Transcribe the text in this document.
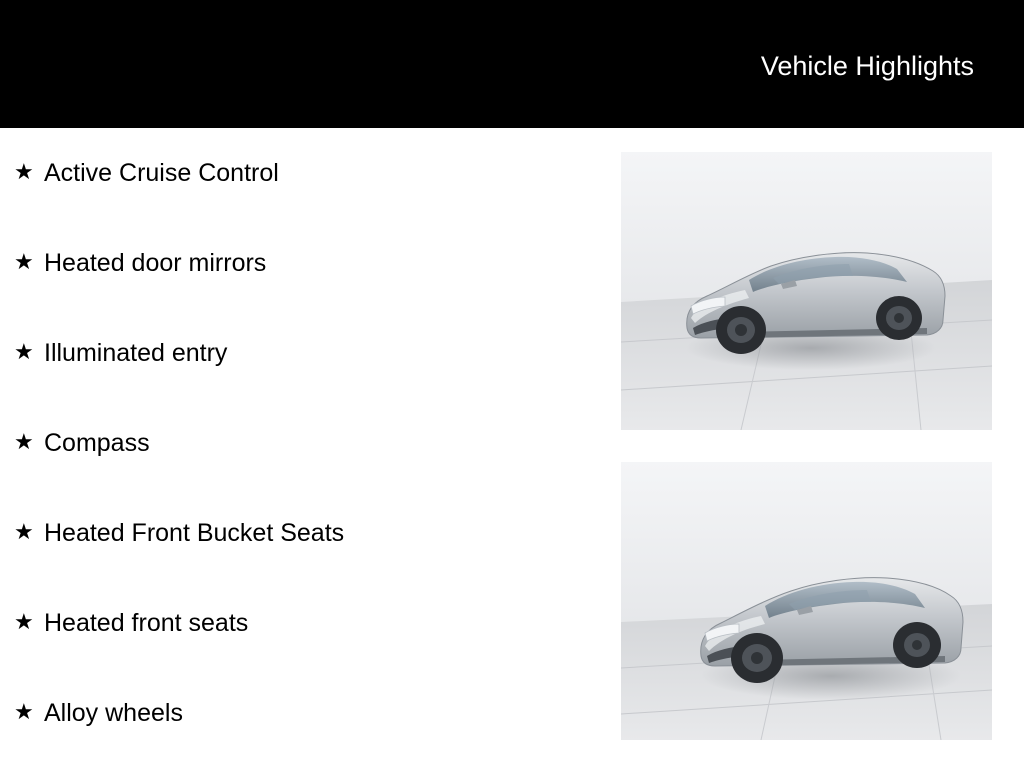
Vehicle Highlights
★ Active Cruise Control
★ Heated door mirrors
★ Illuminated entry
★ Compass
★ Heated Front Bucket Seats
★ Heated front seats
★ Alloy wheels
